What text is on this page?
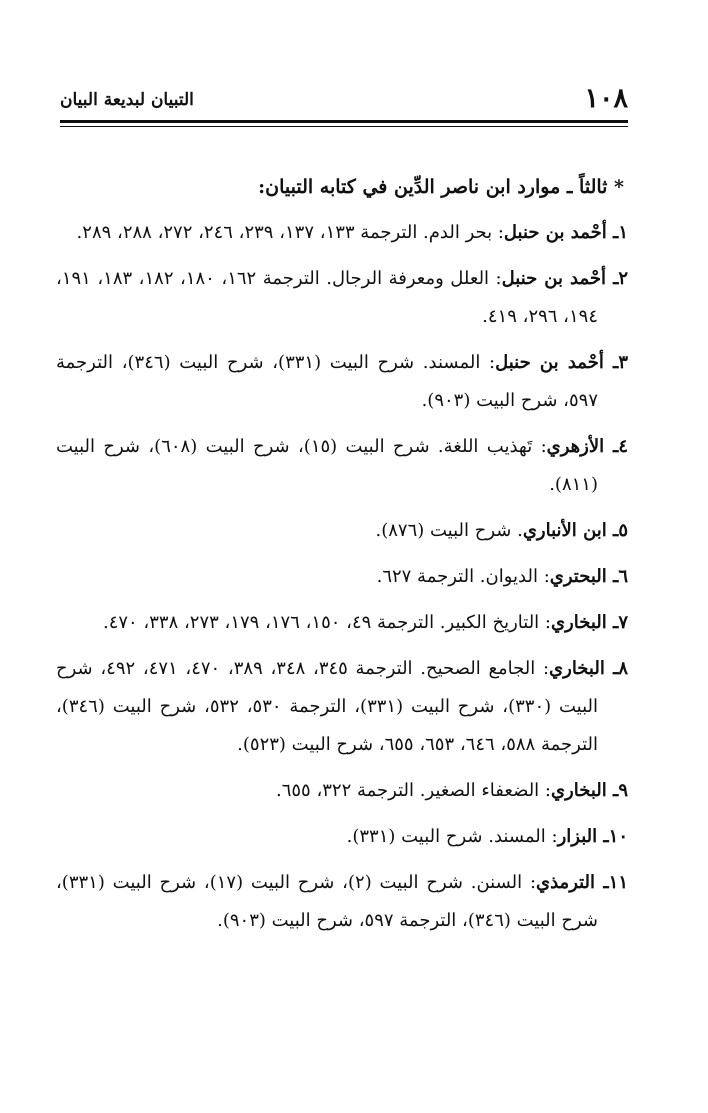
١٠٨
التبيان لبديعة البيان
* ثالثاً ـ موارد ابن ناصر الدِّين في كتابه التبيان:
١ـ أحْمد بن حنبل: بحر الدم. الترجمة ١٣٣، ١٣٧، ٢٣٩، ٢٤٦، ٢٧٢، ٢٨٨، ٢٨٩.
٢ـ أحْمد بن حنبل: العلل ومعرفة الرجال. الترجمة ١٦٢، ١٨٠، ١٨٢، ١٨٣، ١٩١، ١٩٤، ٢٩٦، ٤١٩.
٣ـ أحْمد بن حنبل: المسند. شرح البيت (٣٣١)، شرح البيت (٣٤٦)، الترجمة ٥٩٧، شرح البيت (٩٠٣).
٤ـ الأزهري: تَهذيب اللغة. شرح البيت (١٥)، شرح البيت (٦٠٨)، شرح البيت (٨١١).
٥ـ ابن الأنباري. شرح البيت (٨٧٦).
٦ـ البحتري: الديوان. الترجمة ٦٢٧.
٧ـ البخاري: التاريخ الكبير. الترجمة ٤٩، ١٥٠، ١٧٦، ١٧٩، ٢٧٣، ٣٣٨، ٤٧٠.
٨ـ البخاري: الجامع الصحيح. الترجمة ٣٤٥، ٣٤٨، ٣٨٩، ٤٧٠، ٤٧١، ٤٩٢، شرح البيت (٣٣٠)، شرح البيت (٣٣١)، الترجمة ٥٣٠، ٥٣٢، شرح البيت (٣٤٦)، الترجمة ٥٨٨، ٦٤٦، ٦٥٣، ٦٥٥، شرح البيت (٥٢٣).
٩ـ البخاري: الضعفاء الصغير. الترجمة ٣٢٢، ٦٥٥.
١٠ـ البزار: المسند. شرح البيت (٣٣١).
١١ـ الترمذي: السنن. شرح البيت (٢)، شرح البيت (١٧)، شرح البيت (٣٣١)، شرح البيت (٣٤٦)، الترجمة ٥٩٧، شرح البيت (٩٠٣).
